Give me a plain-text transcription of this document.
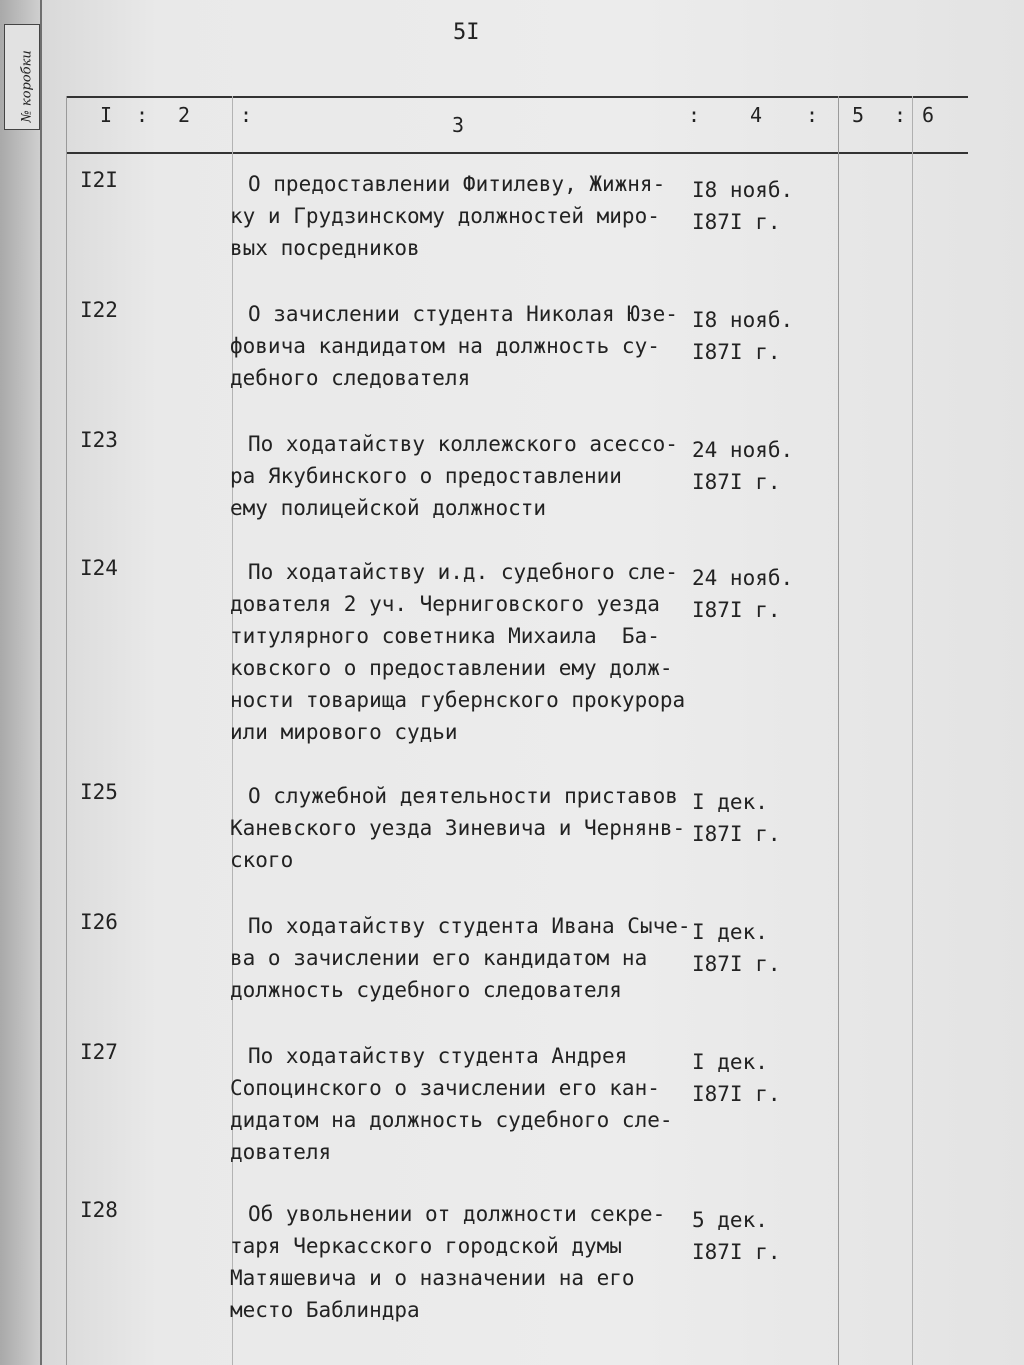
№ коробки
5I
I : 2 :	3	: 4 : 5 : 6
I2I	О предоставлении Фитилеву, Жижня-
ку и Грудзинскому должностей миро-
вых посредников
I8 нояб.
I87I г.
I22	О зачислении студента Николая Юзе-
фовича кандидатом на должность су-
дебного следователя
I8 нояб.
I87I г.
I23	По ходатайству коллежского асессо-
ра Якубинского о предоставлении
ему полицейской должности
24 нояб.
I87I г.
I24	По ходатайству и.д. судебного сле-
дователя 2 уч. Черниговского уезда
титулярного советника Михаила  Ба-
ковского о предоставлении ему долж-
ности товарища губернского прокурора
или мирового судьи
24 нояб.
I87I г.
I25	О служебной деятельности приставов
Каневского уезда Зиневича и Чернянв-
ского
I дек.
I87I г.
I26	По ходатайству студента Ивана Сыче-
ва о зачислении его кандидатом на
должность судебного следователя
I дек.
I87I г.
I27	По ходатайству студента Андрея
Сопоцинского о зачислении его кан-
дидатом на должность судебного сле-
дователя
I дек.
I87I г.
I28	Об увольнении от должности секре-
таря Черкасского городской думы
Матяшевича и о назначении на его
место Баблиндра
5 дек.
I87I г.
